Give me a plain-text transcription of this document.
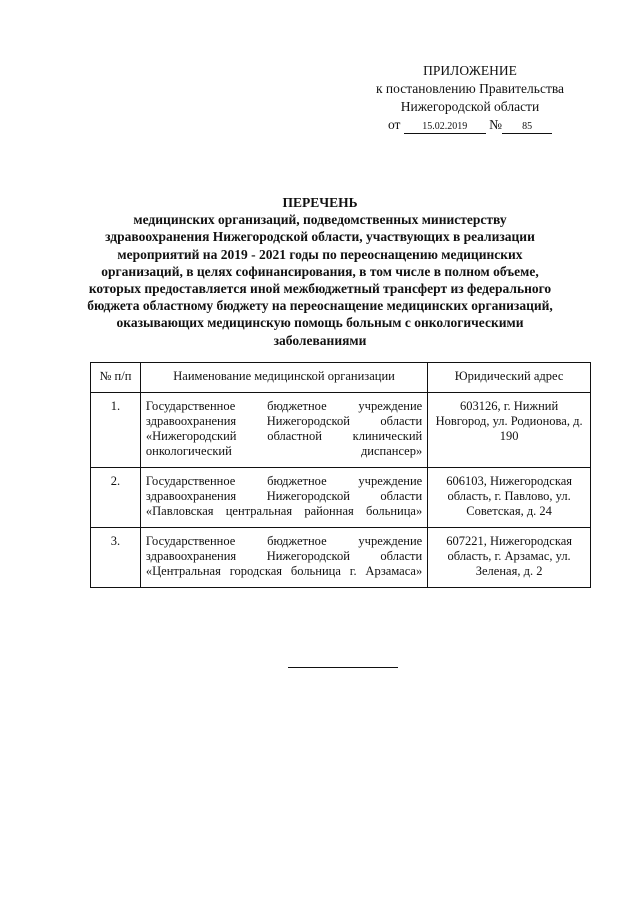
ПРИЛОЖЕНИЕ
к постановлению Правительства
Нижегородской области
от 15.02.2019 № 85
ПЕРЕЧЕНЬ
медицинских организаций, подведомственных министерству здравоохранения Нижегородской области, участвующих в реализации мероприятий на 2019 - 2021 годы по переоснащению медицинских организаций, в целях софинансирования, в том числе в полном объеме, которых предоставляется иной межбюджетный трансферт из федерального бюджета областному бюджету на переоснащение медицинских организаций, оказывающих медицинскую помощь больным с онкологическими заболеваниями
№ п/п	Наименование медицинской организации	Юридический адрес
1.	Государственное бюджетное учреждение здравоохранения Нижегородской области «Нижегородский областной клинический онкологический диспансер»	603126, г. Нижний Новгород, ул. Родионова, д. 190
2.	Государственное бюджетное учреждение здравоохранения Нижегородской области «Павловская центральная районная больница»	606103, Нижегородская область, г. Павлово, ул. Советская, д. 24
3.	Государственное бюджетное учреждение здравоохранения Нижегородской области «Центральная городская больница г. Арзамаса»	607221, Нижегородская область, г. Арзамас, ул. Зеленая, д. 2
